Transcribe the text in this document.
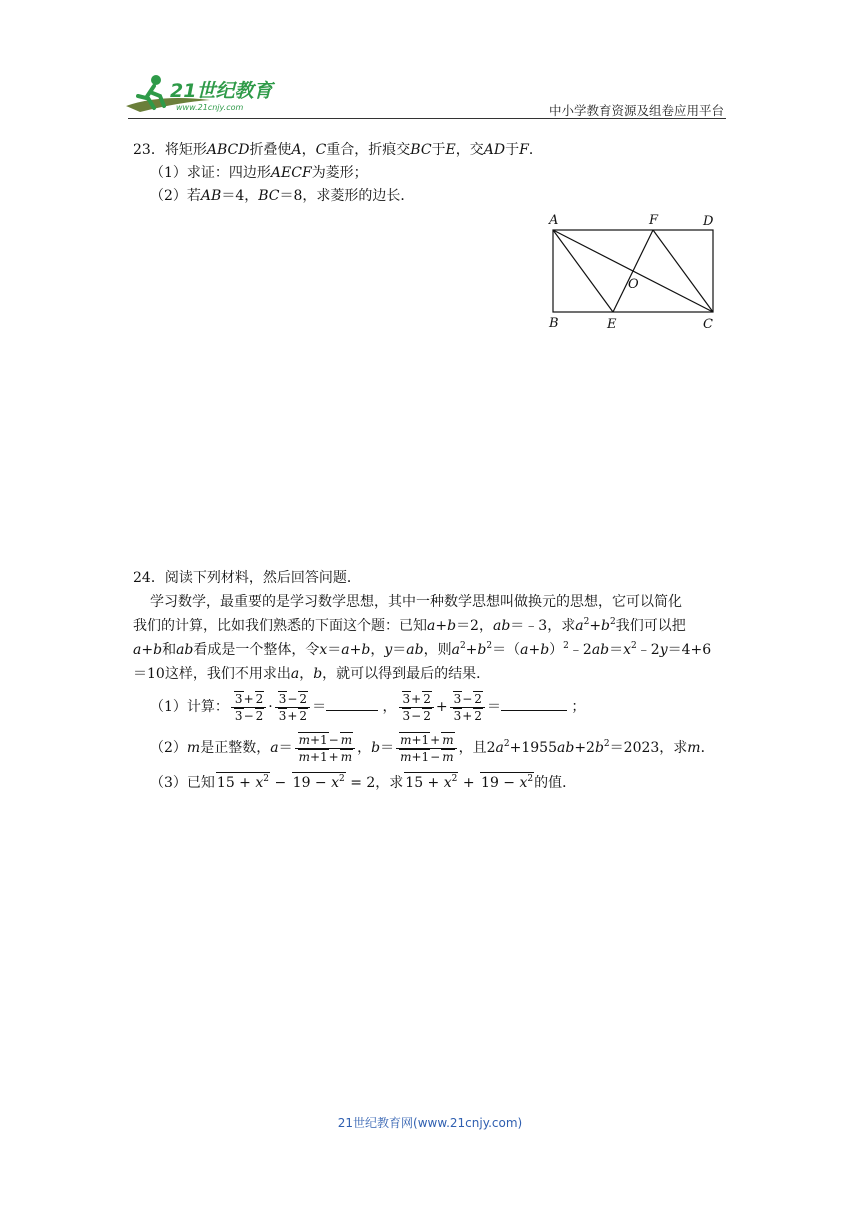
21世纪教育
www.21cnjy.com	中小学教育资源及组卷应用平台
23．将矩形ABCD折叠使A，C重合，折痕交BC于E，交AD于F．
（1）求证：四边形AECF为菱形；
（2）若AB＝4，BC＝8，求菱形的边长．
A	F	D
O
B	E	C
24．阅读下列材料，然后回答问题．
学习数学，最重要的是学习数学思想，其中一种数学思想叫做换元的思想，它可以简化
我们的计算，比如我们熟悉的下面这个题：已知a+b＝2，ab＝﹣3，求$a^2+b^2$我们可以把
a+b和ab看成是一个整体，令x＝a+b，y＝ab，则$a^2+b^2=(a+b)^2﹣2ab=x^2﹣2y=4+6$
＝10这样，我们不用求出a，b，就可以得到最后的结果．
（1）计算： $\frac{3+ 2}{3- 2} \cdot \frac{3- 2}{3+ 2}$ ＝	， $\frac{3+ 2}{3- 2} + \frac{3- 2}{3+ 2}$ ＝	；
（2）m是正整数，$a= \frac{m+1- m}{m+1+ m}$ ，$b= \frac{m+1+ m}{m+1- m}$ ，且$2a^2+1955ab+2b^2=2023$，求m．
（3）已知 $15 + x^2 - 19 - x^2 = 2$，求 $15 + x^2 + 19 - x^2$的值．
21世纪教育网(www.21cnjy.com)
